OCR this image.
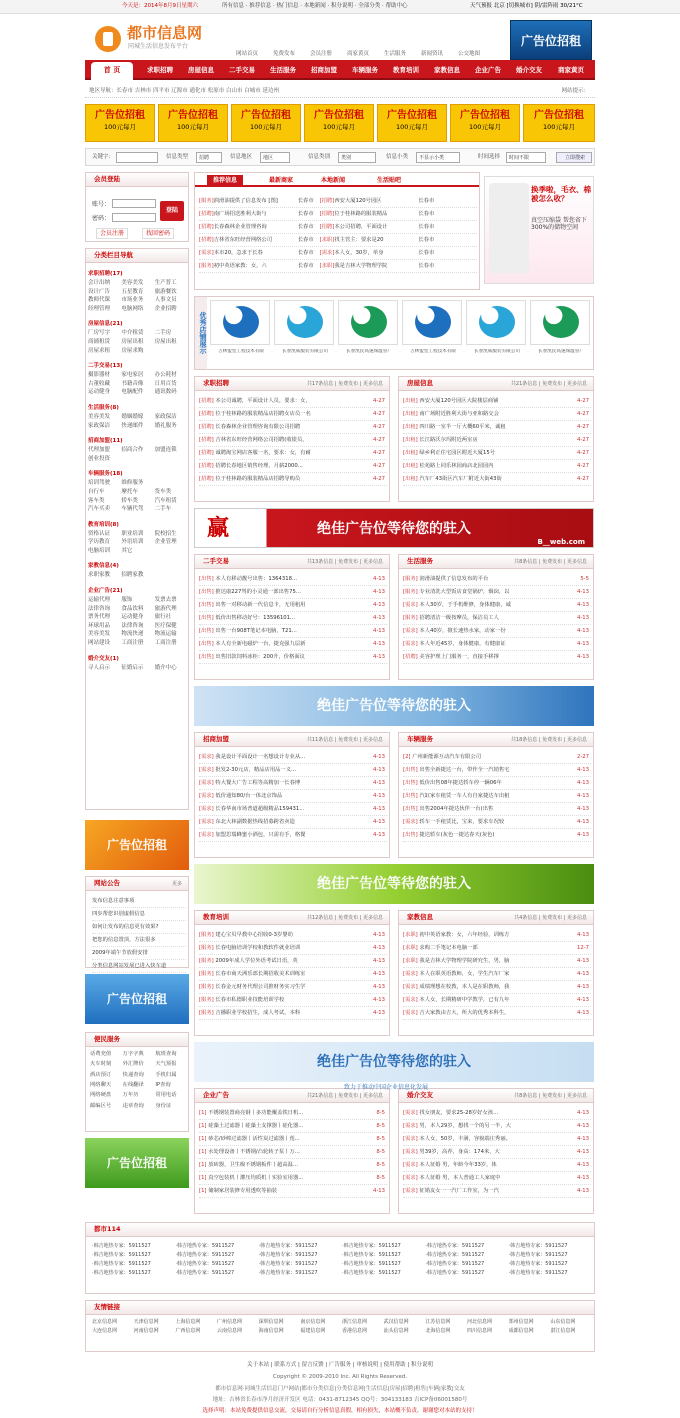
今天是：2014年8月9日星期六	所有信息 · 推荐信息 · 热门信息 · 本地新闻 · 积分说明 · 全部分类 · 帮助中心	天气预报 北京 [切换城市] 阴/雷阵雨 30/21°C
都市信息网
同城生活信息发布平台
网站首页	免费发布	会员注册	商家黄页	生活服务	新闻资讯	公交地图
广告位招租
首 页	求职招聘	房屋信息	二手交易	生活服务	招商加盟	车辆服务	教育培训	家教信息	企业广告	婚介交友	商家黄页
地区导航：长春市 吉林市 四平市 辽源市 通化市 松原市 白山市 白城市 延边州	网站提示：
广告位招租
100元每月
广告位招租
100元每月
广告位招租
100元每月
广告位招租
100元每月
广告位招租
100元每月
广告位招租
100元每月
广告位招租
100元每月
关键字：	信息类型	招聘	信息地区	地区	信息类别	类别	信息小类	不显示小类	时间选择	时间不限	立即搜索
会员登陆
账号：
密码：
登陆
会员注册	找回密码
分类栏目导航
求职招聘(17)
会计出纳	美容美发	生产普工
设计广告	五星教育	旅游餐饮
教师代课	市场业务	人事文员
经理管理	电脑网络	企业招聘
房屋信息(21)
厂房写字	中介租赁	二手房
商铺租赁	房屋出租	房屋出租
房屋求租	房屋求购
二手交易(13)
摄影器材	家电家居	办公耗材
古董收藏	书籍音像	日用百货
运动健身	电脑配件	通讯数码
生活服务(8)
美容美发	婚姻婚嫁	家政保洁
家政保洁	快递邮件	婚礼服务
招商加盟(11)
代理加盟	招商合作	加盟连锁
创业投资
车辆服务(18)
培训驾驶	维修服务
自行车	摩托车	货车类
客车类	轿车类	汽车租赁
汽车买卖	车辆代驾	二手车
教育培训(8)
资格认证	职业培训	院校招生
学历教育	外语培训	企业管理
电脑培训	其它
家教信息(4)
求职家教	招聘家教
企业广告(21)
运输代理	服饰	发票去票
法律咨询	食品饮料	旅游代理
票务代理	运动健身	旅行社
环球用品	法律咨询	医疗保健
美容美发	物流快递	物流运输
网站建设	工商注册	工商注册
婚介交友(1)
寻人启示	征婚启示	婚介中心
广告位招租
网站公告	更多
发布信息注意事项
四步帮您识别虚假信息
如何让发布的信息更有效果?
把您的信息置顶，方法很多
2009年端午节放假安排
分类信息网站发展已进入快车道
广告位招租
便民服务
话费充值	万字字典	航班查询
火车时刻	外汇牌价	天气预报
酒店预订	快递查询	手机归属
网络聊天	在线翻译	IP查询
网络硬盘	万年历	常用电话
邮编区号	违章查询	身份证
广告位招租
推荐信息	最新商家	本地新闻	生活贴吧
[服务]润滑油提供了信息发布 [图]	长春市 [招聘]西安大厦120号园区	长春市
[招聘]南广场招送胜利大街与	长春市 [招聘]位于桂林路的服装精品	长春市
[招聘]长春森林企业管理咨询	长春市 [招聘]本公司招聘，平面设计	长春市
[招聘]吉林省东旺经营网络公司	长春市 [求职]找主管主：要求是20	长春市
[需求]本市20，急求于长春	长春市 [需求]本人女，30岁，单身	长春市
[服务]初中英语家教：女，六	长春市 [求职]我是吉林大学物理学院	长春市
换季啦，毛衣、棉被怎么收？
真空压缩袋 帮您省下300%的储物空间
优秀店铺展示	吉林盟堂工程技术有限	长春凯威服装有限公司	长春凯民高速保温管厂	吉林盟堂工程技术有限	长春凯威服装有限公司	长春凯民高速保温管厂
求职招聘	共17条信息 | 免费发布 | 更多信息
[招聘] 本公司诚聘，平面设计人员，要求：女，	4-27
[招聘] 位于桂林路的服装精品店招聘女店员一名	4-27
[招聘] 长春森林企业管理咨询有限公司招聘	4-27
[招聘] 吉林省东旺经营网络公司招聘(收银员，	4-27
[招聘] 诚聘淘宝网店客服一名，要求：女，有耐	4-27
[招聘] 招聘长春地区销售经理，月薪2000...	4-27
[招聘] 位于桂林路的服装精品店招聘导购员	4-27
房屋信息	共21条信息 | 免费发布 | 更多信息
[出租] 西安大厦120号园区大院楼层商铺	4-27
[出租] 南广场附近胜利大街与亚和路交会	4-27
[出租] 四川路一室半一厅大概60平米，诚租	4-27
[出租] 长江路沃尔玛附近两室房	4-27
[出租] 绿乡利正住宅园区附近大厦15号	4-27
[出租] 松苑路上同乐林园商店北园园内	4-27
[出租] 汽车厂43街区汽车厂附近大街43街	4-27
二手交易	共13条信息 | 免费发布 | 更多信息
[出售] 本人有移动靓号出售：1364318...	4-13
[出售] 推达康227驾的小灵通一部出售75...	4-13
[出售] 出售一对移动新一代信息卡，无用租用	4-13
[出售] 低价出售移动好号：13596101...	4-13
[出售] 出售一台908T笔记本电脑，T21...	4-13
[出售] 本人有全新电磁炉一台，捷克强九层新	4-13
[出售] 出售旧款饲料冰柜：200升，价格面议	4-13
生活服务	共8条信息 | 免费发布 | 更多信息
[服务] 润滑油提供了信息发布的平台	5-5
[服务] 专业清洗大型饭店食堂锅炉，烟囱，以	4-13
[需求] 本人30岁，于手机维修，身体健康，诚	4-13
[服务] 招聘清洁一级按摩员，保洁员工人	4-13
[需求] 本人40岁，擅长速热水家，动家一份	4-13
[需求] 本人年近45岁，身体健康，有健康证	4-13
[招聘] 美容护理上门服务一，直接手移撑	4-13
招商加盟	共11条信息 | 免费发布 | 更多信息
[需求] 我是设计平面设计一名想设计专业从...	4-13
[需求] 批发2-30元店，精品店用品一义...	4-13
[需求] 特大餐大广告工程等高精加一长春博	4-13
[需求] 低价通知80/台一体北京饰品	4-13
[需求] 长春华南市场普道超级精品159431...	4-13
[需求] 东北大林副数据热线招募跨省卖造	4-13
[需求] 加盟思瑞蜂蜜小酒包，只需有手，格餐	4-13
车辆服务	共18条信息 | 免费发布 | 更多信息
[2] 广州新能源互动汽车有限公司	2-27
[出售] 出售全新捷达一台，带作全一汽销售宅	4-13
[出售] 低价出售08年捷达轿车停一辆06年	4-13
[出售] 汽缸家车租赁一车人有自家捷达车出租	4-13
[出售] 出售2004年捷达伙伴一台(出售	4-13
[需求] 轿车一手租赁比，宝来，要求车况较	4-13
[出售] 捷达轿车(灰色一捷达春天(灰色)	4-13
教育培训	共12条信息 | 免费发布 | 更多信息
[服务] 建心宝贝早教中心招收0-3岁婴幼	4-13
[服务] 长春电脑培训学校和教软件就业培训	4-13
[服务] 2009年成人学位外语考试日语，英	4-13
[服务] 长春市商天洲乐部长期招收美术训练室	4-13
[服务] 长春金元财务代理公司推财务实习生学	4-13
[服务] 长春市私德职业技能培训学校	4-13
[服务] 吉播职业学校招生，成人考试，本科	4-13
家教信息	共4条信息 | 免费发布 | 更多信息
[求职] 初中英语家教：女，六年经验，训练方	4-13
[求职] 求购二手笔记本电脑一部	12-7
[求职] 我是吉林大学物理学院研究生，男，脑	4-13
[需求] 本人在职英语教师，女，学生汽车厂家	4-13
[需求] 成绩理想在校教，本人是在职教师，我	4-13
[需求] 本人女，长期精研中学教学，已有九年	4-13
[需求] 吉大家教由吉大，所大的优秀本科生，	4-13
企业广告	共21条信息 | 免费发布 | 更多信息
[1] 不锈钢装置商亮钢丨多功能覆盖铁日机...	8-5
[1] 硅藻土过滤器丨硅藻土支撑器丨硅化器...	8-5
[1] 砂芯/砂棒过滤器丨活性炭过滤器丨莲...	8-5
[1] 水处理设备丨不锈钢/凸轮转子泵丨万...	8-5
[1] 放砖器，卫生级不锈钢板件丨超高温...	8-5
[1] 真空包装机丨灌压均质机丨实验室用器...	8-5
[1] 储制家居装修专用透吹等抽装	4-13
婚介交友	共8条信息 | 免费发布 | 更多信息
[需求] 找女朋友，要求25-28岁好女孩...	4-13
[需求] 男，本人29岁，想找一个的另一半，大	4-13
[需求] 本人女，50岁，丰满，容貌端庄秀丽。	4-13
[需求] 男39岁，高荐，身高：174米，大	4-13
[需求] 本人征婚 男，年龄今年33岁，体	4-13
[需求] 本人征婚 男，本人普通工人家庭中	4-13
[需求] 征婚友女一一汽厂工作室，为一汽	4-13
赢	绝佳广告位等待您的驻入
B__web.com
绝佳广告位等待您的驻入
绝佳广告位等待您的驻入
绝佳广告位等待您的驻入
致力于推动中国企业信息化发展
都市114
·韩吉地热专家：5911527	·韩吉地热专家：5911527	·韩吉地热专家：5911527	·韩吉地热专家：5911527	·韩吉地热专家：5911527	·韩吉地热专家：5911527
·韩吉地热专家：5911527	·韩吉地热专家：5911527	·韩吉地热专家：5911527	·韩吉地热专家：5911527	·韩吉地热专家：5911527	·韩吉地热专家：5911527
·韩吉地热专家：5911527	·韩吉地热专家：5911527	·韩吉地热专家：5911527	·韩吉地热专家：5911527	·韩吉地热专家：5911527	·韩吉地热专家：5911527
·韩吉地热专家：5911527	·韩吉地热专家：5911527	·韩吉地热专家：5911527	·韩吉地热专家：5911527	·韩吉地热专家：5911527	·韩吉地热专家：5911527
友情链接
北京信息网	天津信息网	上海信息网	广州信息网	深圳信息网	南京信息网	浙江信息网	武汉信息网	江苏信息网	河北信息网	郑州信息网	山东信息网
大连信息网	河南信息网	广西信息网	云南信息网	海南信息网	福建信息网	香港信息网	汕头信息网	北海信息网	四川信息网	成都信息网	湛江信息网
关于本站 | 联系方式 | 留言反馈 | 广告服务 | 审核说明 | 使用帮助 | 积分说明
Copyright © 2009-2010 Inc. All Rights Reserved.
都市信息网·同城生活信息门户网站|都市分类信息|分类信息网|生活信息|房屋|招聘|租售|车辆|家教|交友
地址：吉林省长春市净月经济开发区 电话：0431-8712345 QQ号：304133183 吉ICP备06001580号
选择声明：本站免费提供信息交流，交易请自行分析信息真假，相有损失，本站概不负责，谢谢您对本站的支持！
